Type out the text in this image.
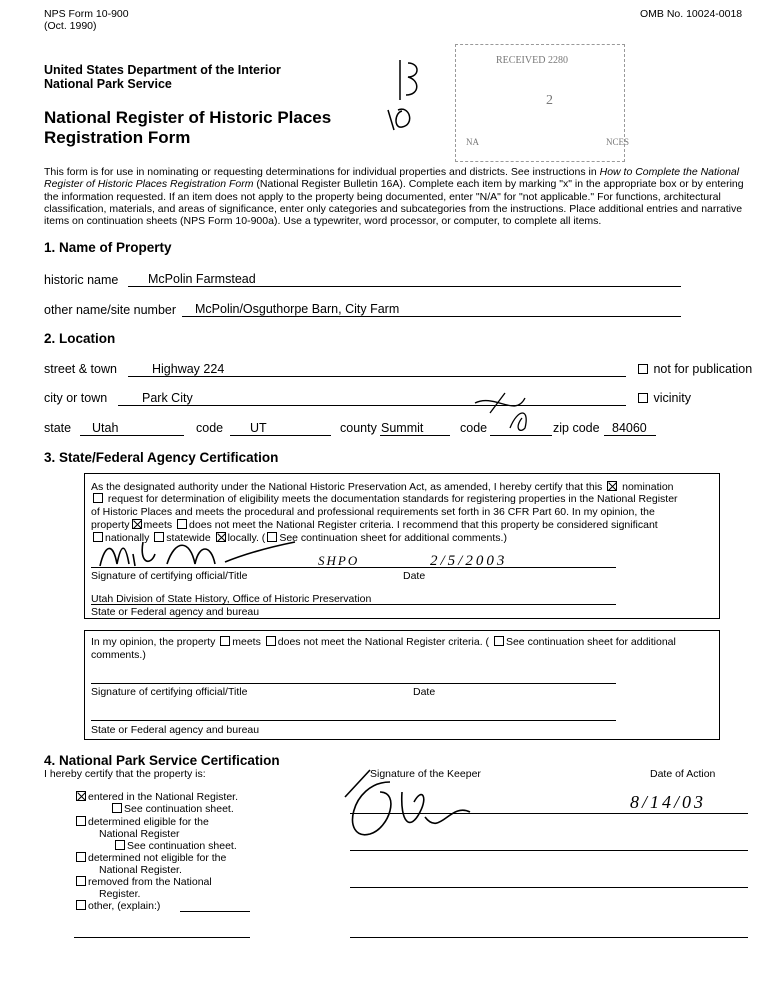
NPS Form 10-900
(Oct. 1990)
OMB No. 10024-0018
United States Department of the Interior
National Park Service
National Register of Historic Places
Registration Form
RECEIVED 2280
2
NA	NCES
This form is for use in nominating or requesting determinations for individual properties and districts. See instructions in How to Complete the National Register of Historic Places Registration Form (National Register Bulletin 16A). Complete each item by marking "x" in the appropriate box or by entering the information requested. If an item does not apply to the property being documented, enter "N/A" for "not applicable." For functions, architectural classification, materials, and areas of significance, enter only categories and subcategories from the instructions. Place additional entries and narrative items on continuation sheets (NPS Form 10-900a). Use a typewriter, word processor, or computer, to complete all items.
1. Name of Property
historic name McPolin Farmstead
other name/site number McPolin/Osguthorpe Barn, City Farm
2. Location
street & town	Highway 224	not for publication
city or town	Park City	vicinity
state Utah	code UT	county Summit	code	zip code 84060
3. State/Federal Agency Certification
As the designated authority under the National Historic Preservation Act, as amended, I hereby certify that this nomination
request for determination of eligibility meets the documentation standards for registering properties in the National Register
of Historic Places and meets the procedural and professional requirements set forth in 36 CFR Part 60. In my opinion, the
property meets does not meet the National Register criteria. I recommend that this property be considered significant
nationally statewide locally. ( See continuation sheet for additional comments.)
SHPO	2/5/2003
Signature of certifying official/Title	Date
Utah Division of State History, Office of Historic Preservation
State or Federal agency and bureau
In my opinion, the property meets does not meet the National Register criteria. ( See continuation sheet for additional
comments.)
Signature of certifying official/Title	Date
State or Federal agency and bureau
4. National Park Service Certification
I hereby certify that the property is:	Signature of the Keeper	Date of Action
entered in the National Register.
See continuation sheet.
determined eligible for the
National Register
See continuation sheet.
determined not eligible for the
National Register.
removed from the National
Register.
other, (explain:)
8/14/03
